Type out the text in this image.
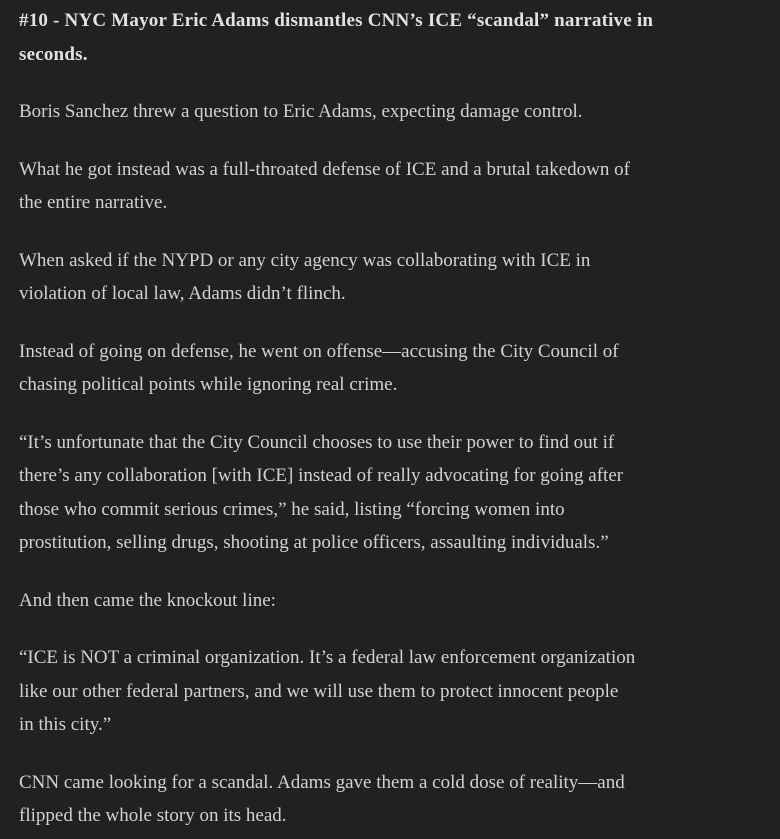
#10 - NYC Mayor Eric Adams dismantles CNN’s ICE “scandal” narrative in
seconds.

Boris Sanchez threw a question to Eric Adams, expecting damage control.

What he got instead was a full-throated defense of ICE and a brutal takedown of
the entire narrative.

When asked if the NYPD or any city agency was collaborating with ICE in
violation of local law, Adams didn’t flinch.

Instead of going on defense, he went on offense—accusing the City Council of
chasing political points while ignoring real crime.

“It’s unfortunate that the City Council chooses to use their power to find out if
there’s any collaboration [with ICE] instead of really advocating for going after
those who commit serious crimes,” he said, listing “forcing women into
prostitution, selling drugs, shooting at police officers, assaulting individuals.”

And then came the knockout line:

“ICE is NOT a criminal organization. It’s a federal law enforcement organization
like our other federal partners, and we will use them to protect innocent people
in this city.”

CNN came looking for a scandal. Adams gave them a cold dose of reality—and
flipped the whole story on its head.
